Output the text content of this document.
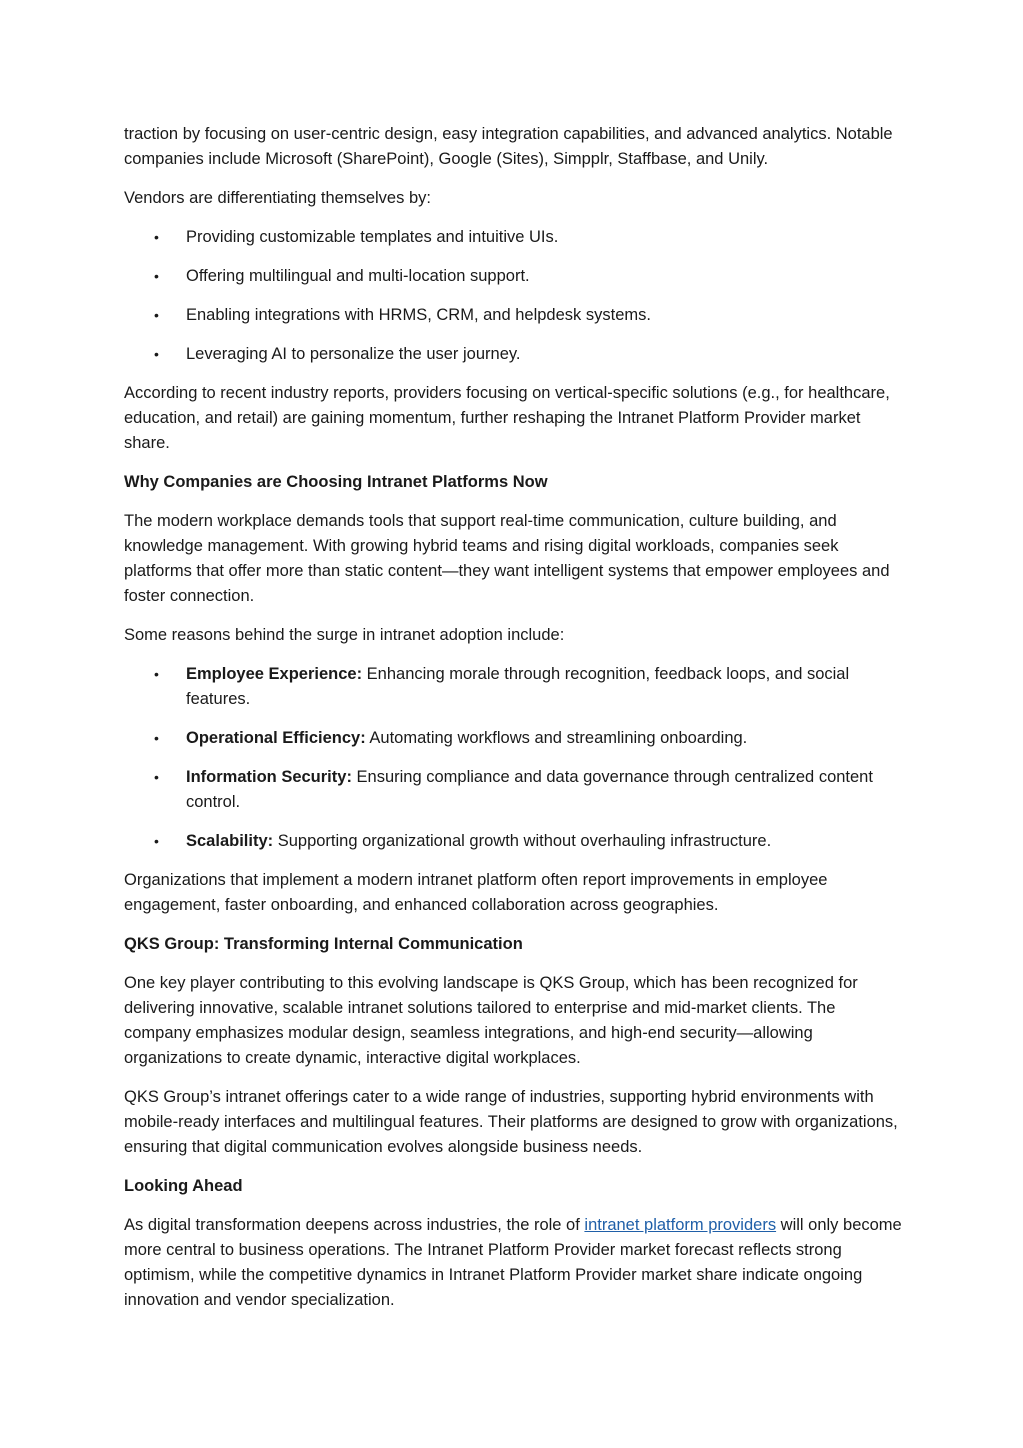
traction by focusing on user-centric design, easy integration capabilities, and advanced analytics. Notable companies include Microsoft (SharePoint), Google (Sites), Simpplr, Staffbase, and Unily.

Vendors are differentiating themselves by:

• Providing customizable templates and intuitive UIs.
• Offering multilingual and multi-location support.
• Enabling integrations with HRMS, CRM, and helpdesk systems.
• Leveraging AI to personalize the user journey.

According to recent industry reports, providers focusing on vertical-specific solutions (e.g., for healthcare, education, and retail) are gaining momentum, further reshaping the Intranet Platform Provider market share.

Why Companies are Choosing Intranet Platforms Now

The modern workplace demands tools that support real-time communication, culture building, and knowledge management. With growing hybrid teams and rising digital workloads, companies seek platforms that offer more than static content—they want intelligent systems that empower employees and foster connection.

Some reasons behind the surge in intranet adoption include:

• Employee Experience: Enhancing morale through recognition, feedback loops, and social features.
• Operational Efficiency: Automating workflows and streamlining onboarding.
• Information Security: Ensuring compliance and data governance through centralized content control.
• Scalability: Supporting organizational growth without overhauling infrastructure.

Organizations that implement a modern intranet platform often report improvements in employee engagement, faster onboarding, and enhanced collaboration across geographies.

QKS Group: Transforming Internal Communication

One key player contributing to this evolving landscape is QKS Group, which has been recognized for delivering innovative, scalable intranet solutions tailored to enterprise and mid-market clients. The company emphasizes modular design, seamless integrations, and high-end security—allowing organizations to create dynamic, interactive digital workplaces.

QKS Group’s intranet offerings cater to a wide range of industries, supporting hybrid environments with mobile-ready interfaces and multilingual features. Their platforms are designed to grow with organizations, ensuring that digital communication evolves alongside business needs.

Looking Ahead

As digital transformation deepens across industries, the role of intranet platform providers will only become more central to business operations. The Intranet Platform Provider market forecast reflects strong optimism, while the competitive dynamics in Intranet Platform Provider market share indicate ongoing innovation and vendor specialization.
